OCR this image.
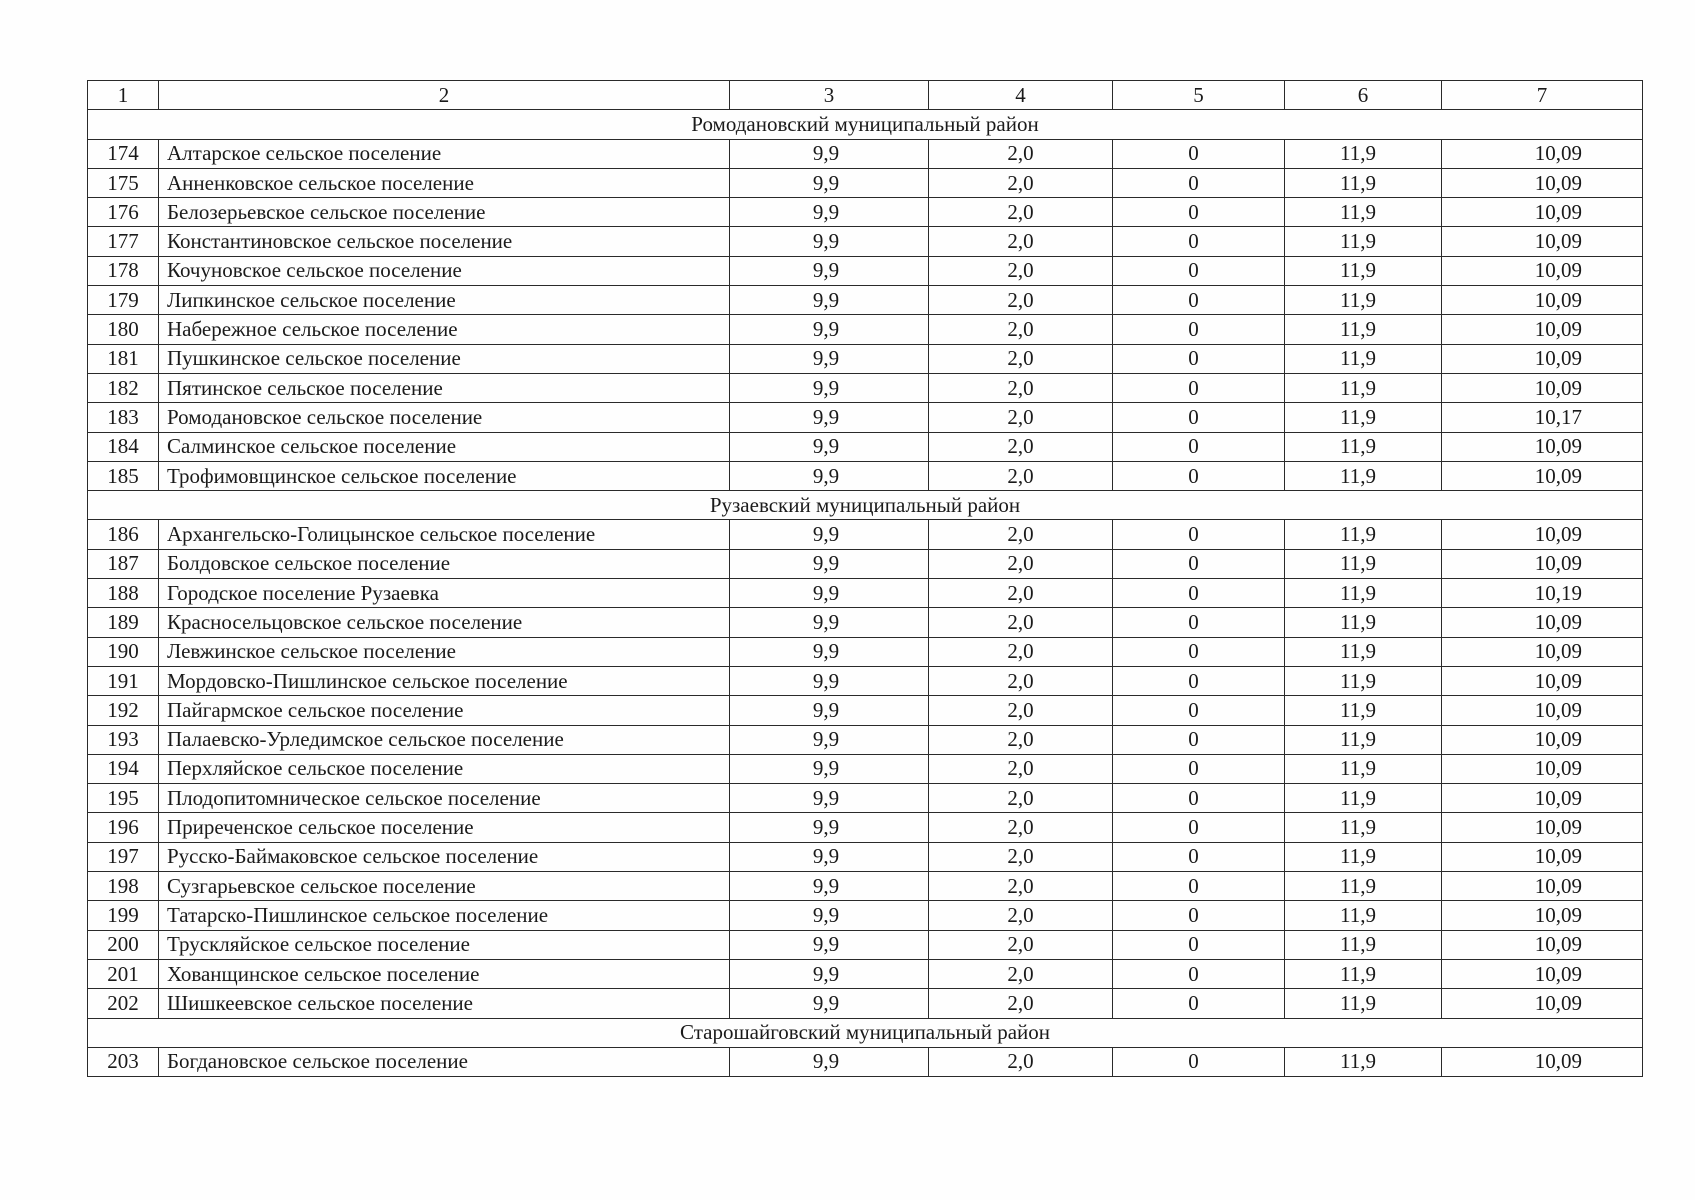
1	2	3	4	5	6	7
Ромодановский муниципальный район						
174	Алтарское сельское поселение	9,9	2,0	0	11,9	10,09
175	Анненковское сельское поселение	9,9	2,0	0	11,9	10,09
176	Белозерьевское сельское поселение	9,9	2,0	0	11,9	10,09
177	Константиновское сельское поселение	9,9	2,0	0	11,9	10,09
178	Кочуновское сельское поселение	9,9	2,0	0	11,9	10,09
179	Липкинское сельское поселение	9,9	2,0	0	11,9	10,09
180	Набережное сельское поселение	9,9	2,0	0	11,9	10,09
181	Пушкинское сельское поселение	9,9	2,0	0	11,9	10,09
182	Пятинское сельское поселение	9,9	2,0	0	11,9	10,09
183	Ромодановское сельское поселение	9,9	2,0	0	11,9	10,17
184	Салминское сельское поселение	9,9	2,0	0	11,9	10,09
185	Трофимовщинское сельское поселение	9,9	2,0	0	11,9	10,09
Рузаевский муниципальный район						
186	Архангельско-Голицынское сельское поселение	9,9	2,0	0	11,9	10,09
187	Болдовское сельское поселение	9,9	2,0	0	11,9	10,09
188	Городское поселение Рузаевка	9,9	2,0	0	11,9	10,19
189	Красносельцовское сельское поселение	9,9	2,0	0	11,9	10,09
190	Левжинское сельское поселение	9,9	2,0	0	11,9	10,09
191	Мордовско-Пишлинское сельское поселение	9,9	2,0	0	11,9	10,09
192	Пайгармское сельское поселение	9,9	2,0	0	11,9	10,09
193	Палаевско-Урледимское сельское поселение	9,9	2,0	0	11,9	10,09
194	Перхляйское сельское поселение	9,9	2,0	0	11,9	10,09
195	Плодопитомническое сельское поселение	9,9	2,0	0	11,9	10,09
196	Приреченское сельское поселение	9,9	2,0	0	11,9	10,09
197	Русско-Баймаковское сельское поселение	9,9	2,0	0	11,9	10,09
198	Сузгарьевское сельское поселение	9,9	2,0	0	11,9	10,09
199	Татарско-Пишлинское сельское поселение	9,9	2,0	0	11,9	10,09
200	Трускляйское сельское поселение	9,9	2,0	0	11,9	10,09
201	Хованщинское сельское поселение	9,9	2,0	0	11,9	10,09
202	Шишкеевское сельское поселение	9,9	2,0	0	11,9	10,09
Старошайговский муниципальный район						
203	Богдановское сельское поселение	9,9	2,0	0	11,9	10,09
